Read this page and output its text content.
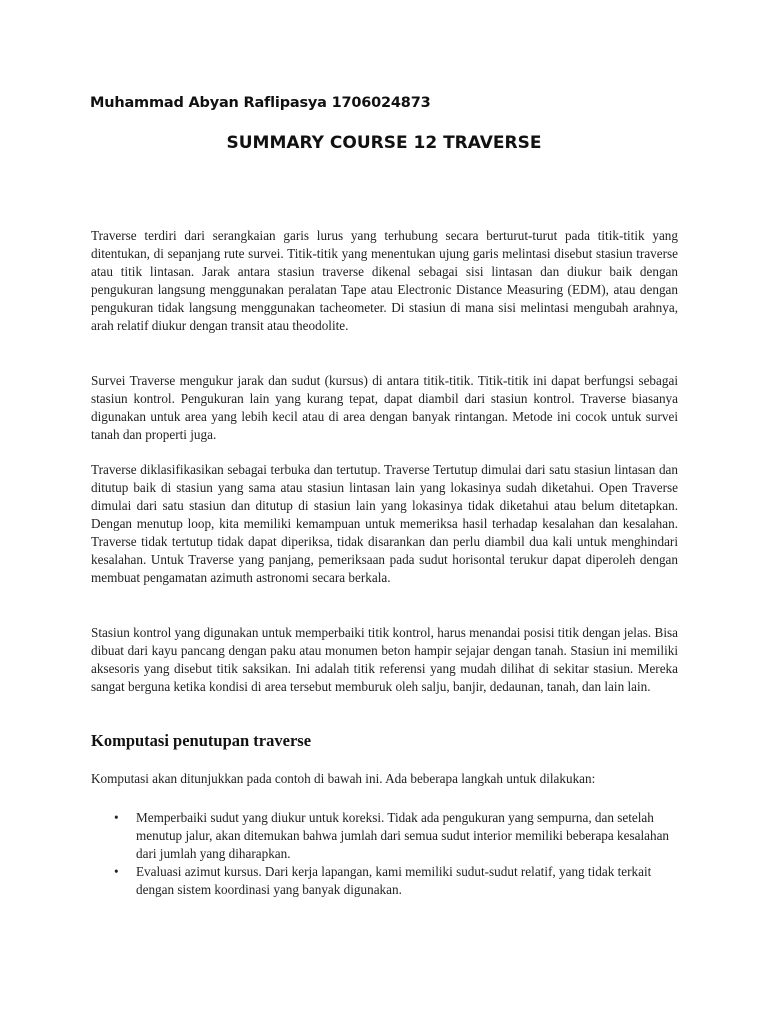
Muhammad Abyan Raflipasya 1706024873
SUMMARY COURSE 12 TRAVERSE

Traverse terdiri dari serangkaian garis lurus yang terhubung secara berturut-turut pada titik-titik yang ditentukan, di sepanjang rute survei. Titik-titik yang menentukan ujung garis melintasi disebut stasiun traverse atau titik lintasan. Jarak antara stasiun traverse dikenal sebagai sisi lintasan dan diukur baik dengan pengukuran langsung menggunakan peralatan Tape atau Electronic Distance Measuring (EDM), atau dengan pengukuran tidak langsung menggunakan tacheometer. Di stasiun di mana sisi melintasi mengubah arahnya, arah relatif diukur dengan transit atau theodolite.

Survei Traverse mengukur jarak dan sudut (kursus) di antara titik-titik. Titik-titik ini dapat berfungsi sebagai stasiun kontrol. Pengukuran lain yang kurang tepat, dapat diambil dari stasiun kontrol. Traverse biasanya digunakan untuk area yang lebih kecil atau di area dengan banyak rintangan. Metode ini cocok untuk survei tanah dan properti juga.

Traverse diklasifikasikan sebagai terbuka dan tertutup. Traverse Tertutup dimulai dari satu stasiun lintasan dan ditutup baik di stasiun yang sama atau stasiun lintasan lain yang lokasinya sudah diketahui. Open Traverse dimulai dari satu stasiun dan ditutup di stasiun lain yang lokasinya tidak diketahui atau belum ditetapkan. Dengan menutup loop, kita memiliki kemampuan untuk memeriksa hasil terhadap kesalahan dan kesalahan. Traverse tidak tertutup tidak dapat diperiksa, tidak disarankan dan perlu diambil dua kali untuk menghindari kesalahan. Untuk Traverse yang panjang, pemeriksaan pada sudut horisontal terukur dapat diperoleh dengan membuat pengamatan azimuth astronomi secara berkala.

Stasiun kontrol yang digunakan untuk memperbaiki titik kontrol, harus menandai posisi titik dengan jelas. Bisa dibuat dari kayu pancang dengan paku atau monumen beton hampir sejajar dengan tanah. Stasiun ini memiliki aksesoris yang disebut titik saksikan. Ini adalah titik referensi yang mudah dilihat di sekitar stasiun. Mereka sangat berguna ketika kondisi di area tersebut memburuk oleh salju, banjir, dedaunan, tanah, dan lain lain.

Komputasi penutupan traverse

Komputasi akan ditunjukkan pada contoh di bawah ini. Ada beberapa langkah untuk dilakukan:

• Memperbaiki sudut yang diukur untuk koreksi. Tidak ada pengukuran yang sempurna, dan setelah menutup jalur, akan ditemukan bahwa jumlah dari semua sudut interior memiliki beberapa kesalahan dari jumlah yang diharapkan.
• Evaluasi azimut kursus. Dari kerja lapangan, kami memiliki sudut-sudut relatif, yang tidak terkait dengan sistem koordinasi yang banyak digunakan.
